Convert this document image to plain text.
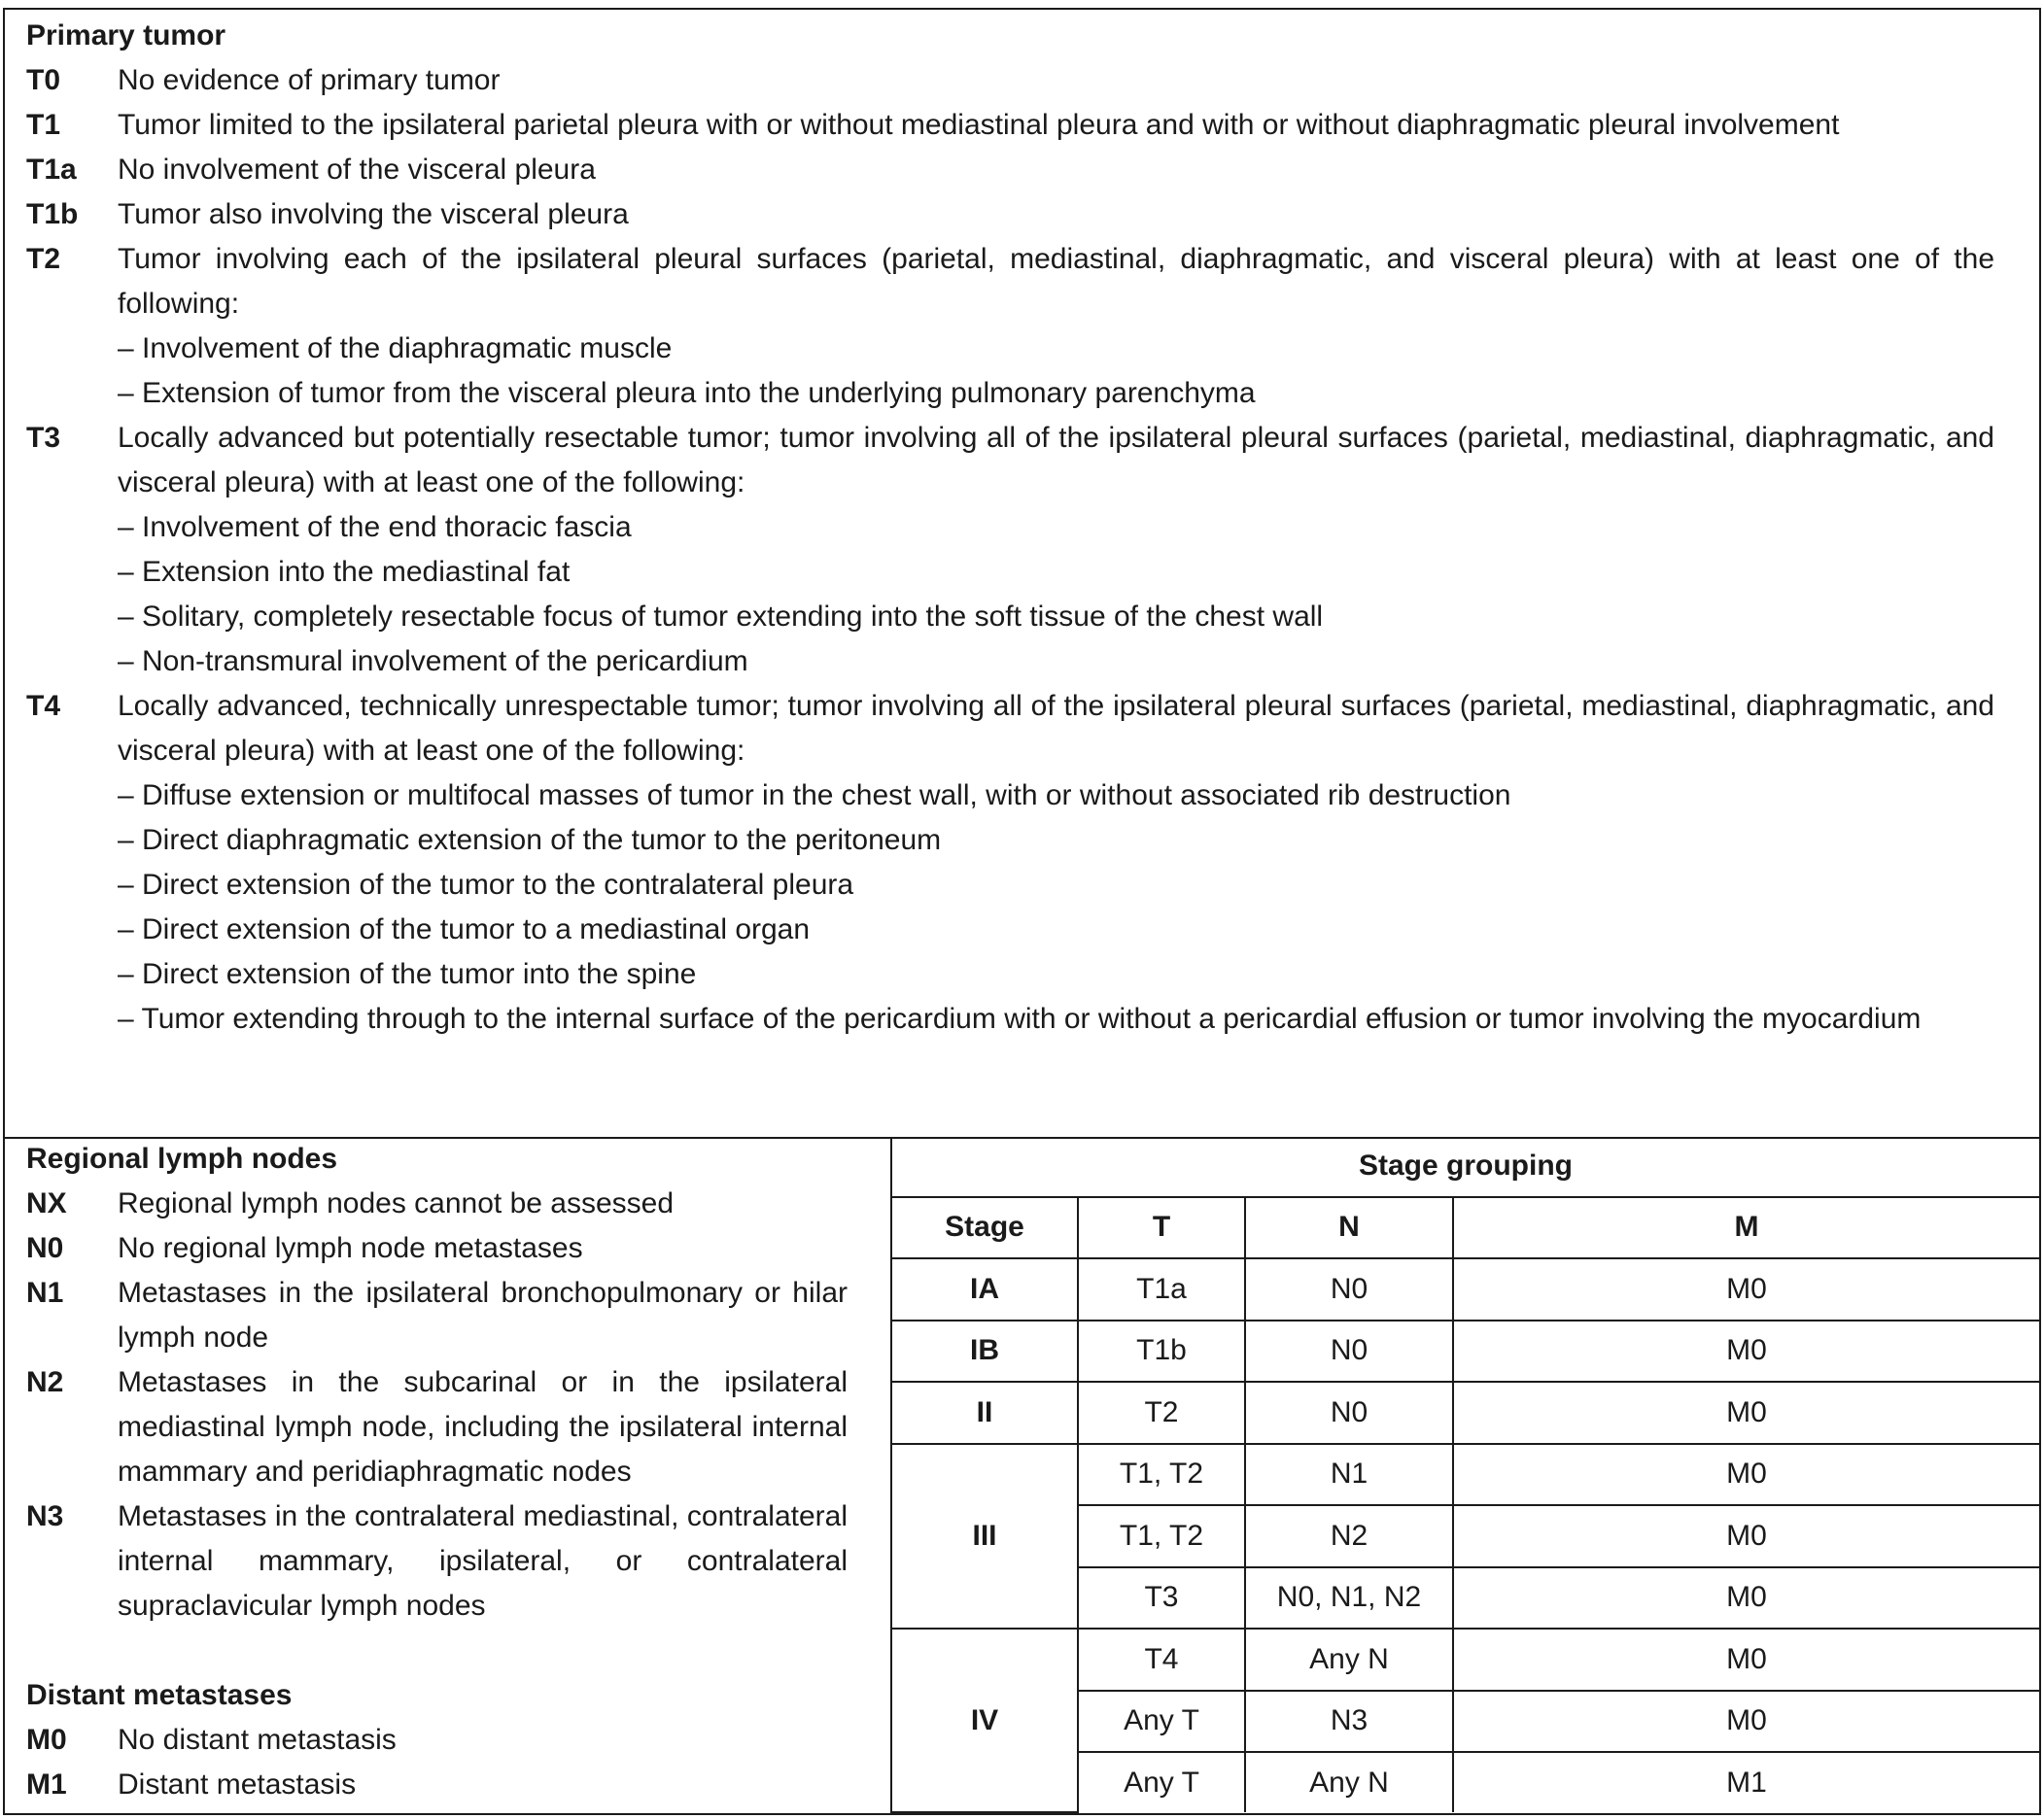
Primary tumor
T0	No evidence of primary tumor
T1	Tumor limited to the ipsilateral parietal pleura with or without mediastinal pleura and with or without diaphragmatic pleural involvement
T1a	No involvement of the visceral pleura
T1b	Tumor also involving the visceral pleura
T2	Tumor involving each of the ipsilateral pleural surfaces (parietal, mediastinal, diaphragmatic, and visceral pleura) with at least one of the following:
– Involvement of the diaphragmatic muscle
– Extension of tumor from the visceral pleura into the underlying pulmonary parenchyma
T3	Locally advanced but potentially resectable tumor; tumor involving all of the ipsilateral pleural surfaces (parietal, mediastinal, diaphragmatic, and visceral pleura) with at least one of the following:
– Involvement of the end thoracic fascia
– Extension into the mediastinal fat
– Solitary, completely resectable focus of tumor extending into the soft tissue of the chest wall
– Non-transmural involvement of the pericardium
T4	Locally advanced, technically unrespectable tumor; tumor involving all of the ipsilateral pleural surfaces (parietal, mediastinal, diaphragmatic, and visceral pleura) with at least one of the following:
– Diffuse extension or multifocal masses of tumor in the chest wall, with or without associated rib destruction
– Direct diaphragmatic extension of the tumor to the peritoneum
– Direct extension of the tumor to the contralateral pleura
– Direct extension of the tumor to a mediastinal organ
– Direct extension of the tumor into the spine
– Tumor extending through to the internal surface of the pericardium with or without a pericardial effusion or tumor involving the myocardium
Regional lymph nodes
NX	Regional lymph nodes cannot be assessed
N0	No regional lymph node metastases
N1	Metastases in the ipsilateral bronchopulmonary or hilar lymph node
N2	Metastases in the subcarinal or in the ipsilateral mediastinal lymph node, including the ipsilateral internal mammary and peridiaphragmatic nodes
N3	Metastases in the contralateral mediastinal, contralateral internal mammary, ipsilateral, or contralateral supraclavicular lymph nodes
Distant metastases
M0	No distant metastasis
M1	Distant metastasis
Stage grouping			
Stage	T	N	M
IA	T1a	N0	M0
IB	T1b	N0	M0
II	T2	N0	M0
III	T1, T2	N1	M0
	T1, T2	N2	M0
	T3	N0, N1, N2	M0
IV	T4	Any N	M0
	Any T	N3	M0
	Any T	Any N	M1
